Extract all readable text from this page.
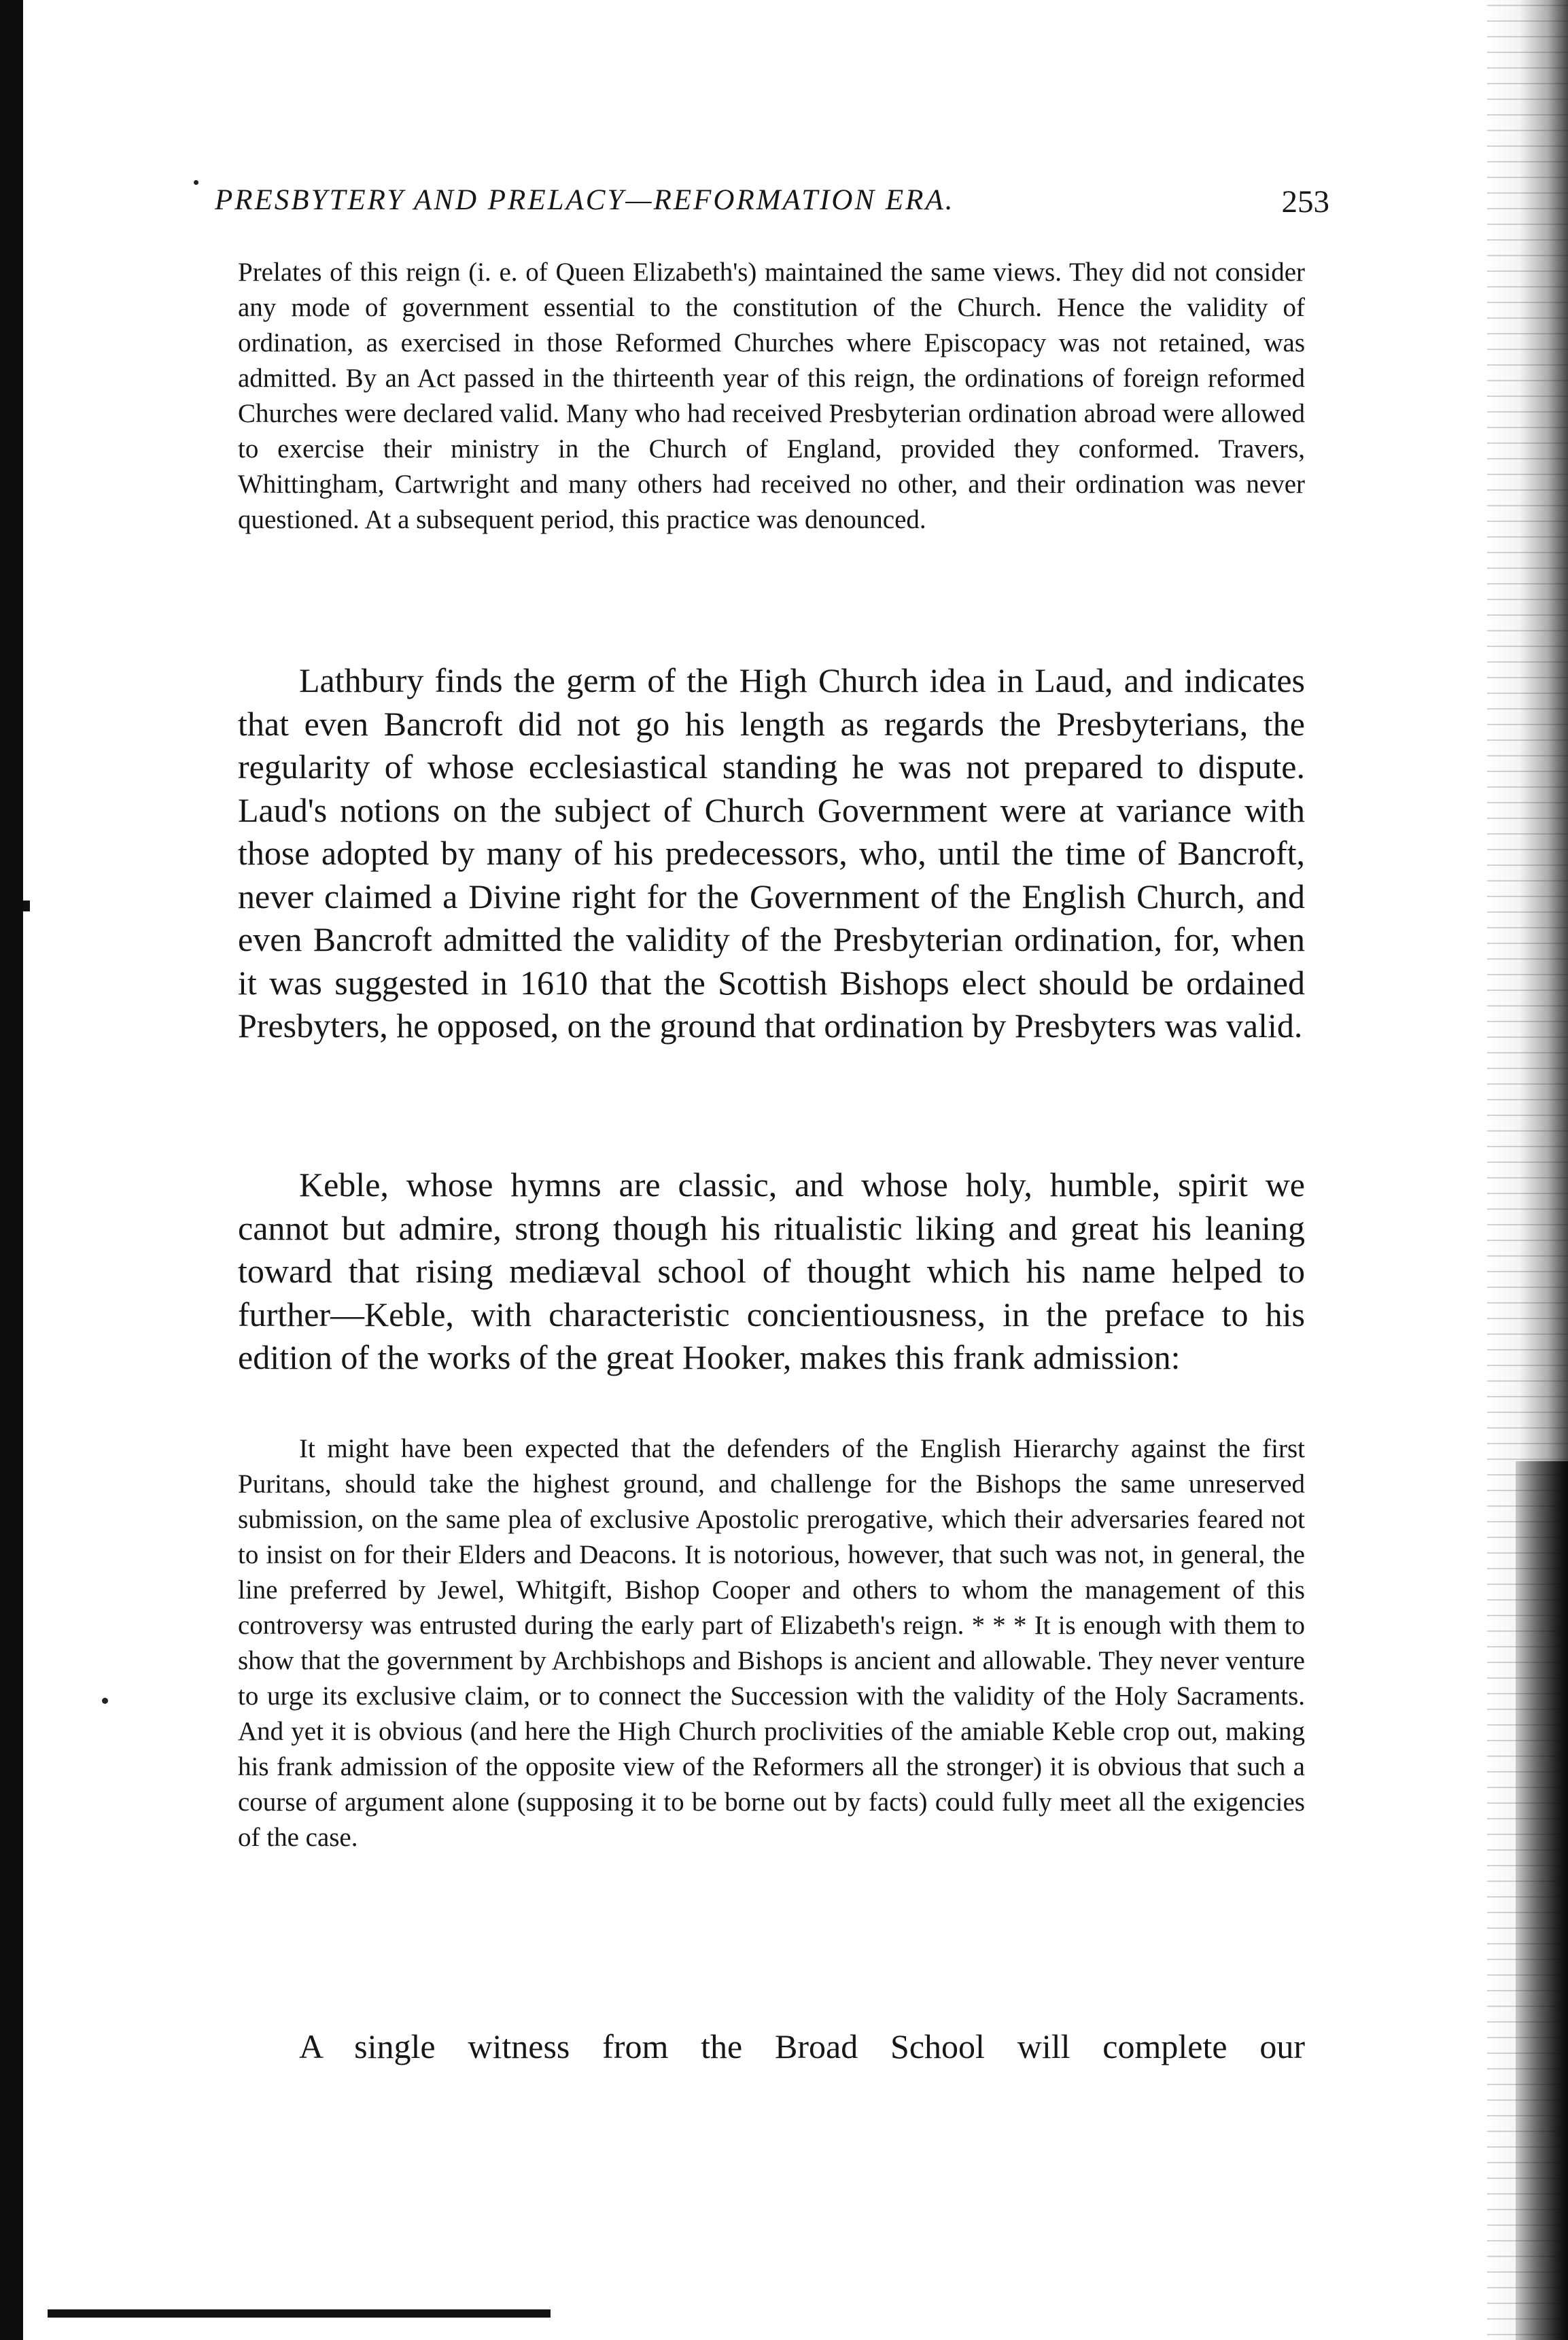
PRESBYTERY AND PRELACY—REFORMATION ERA.	253

Prelates of this reign (i. e. of Queen Elizabeth's) maintained the same views. They did not consider any mode of government essential to the constitution of the Church. Hence the validity of ordination, as exercised in those Reformed Churches where Episcopacy was not retained, was admitted. By an Act passed in the thirteenth year of this reign, the ordinations of foreign reformed Churches were declared valid. Many who had received Presbyterian ordination abroad were allowed to exercise their ministry in the Church of England, provided they conformed. Travers, Whittingham, Cartwright and many others had received no other, and their ordination was never questioned. At a subsequent period, this practice was denounced.

Lathbury finds the germ of the High Church idea in Laud, and indicates that even Bancroft did not go his length as regards the Presbyterians, the regularity of whose ecclesiastical standing he was not prepared to dispute. Laud's notions on the subject of Church Government were at variance with those adopted by many of his predecessors, who, until the time of Bancroft, never claimed a Divine right for the Government of the English Church, and even Bancroft admitted the validity of the Presbyterian ordination, for, when it was suggested in 1610 that the Scottish Bishops elect should be ordained Presbyters, he opposed, on the ground that ordination by Presbyters was valid.

Keble, whose hymns are classic, and whose holy, humble, spirit we cannot but admire, strong though his ritualistic liking and great his leaning toward that rising mediæval school of thought which his name helped to further—Keble, with characteristic concientiousness, in the preface to his edition of the works of the great Hooker, makes this frank admission:

It might have been expected that the defenders of the English Hierarchy against the first Puritans, should take the highest ground, and challenge for the Bishops the same unreserved submission, on the same plea of exclusive Apostolic prerogative, which their adversaries feared not to insist on for their Elders and Deacons. It is notorious, however, that such was not, in general, the line preferred by Jewel, Whitgift, Bishop Cooper and others to whom the management of this controversy was entrusted during the early part of Elizabeth's reign. * * * It is enough with them to show that the government by Archbishops and Bishops is ancient and allowable. They never venture to urge its exclusive claim, or to connect the Succession with the validity of the Holy Sacraments. And yet it is obvious (and here the High Church proclivities of the amiable Keble crop out, making his frank admission of the opposite view of the Reformers all the stronger) it is obvious that such a course of argument alone (supposing it to be borne out by facts) could fully meet all the exigencies of the case.

A single witness from the Broad School will complete our
